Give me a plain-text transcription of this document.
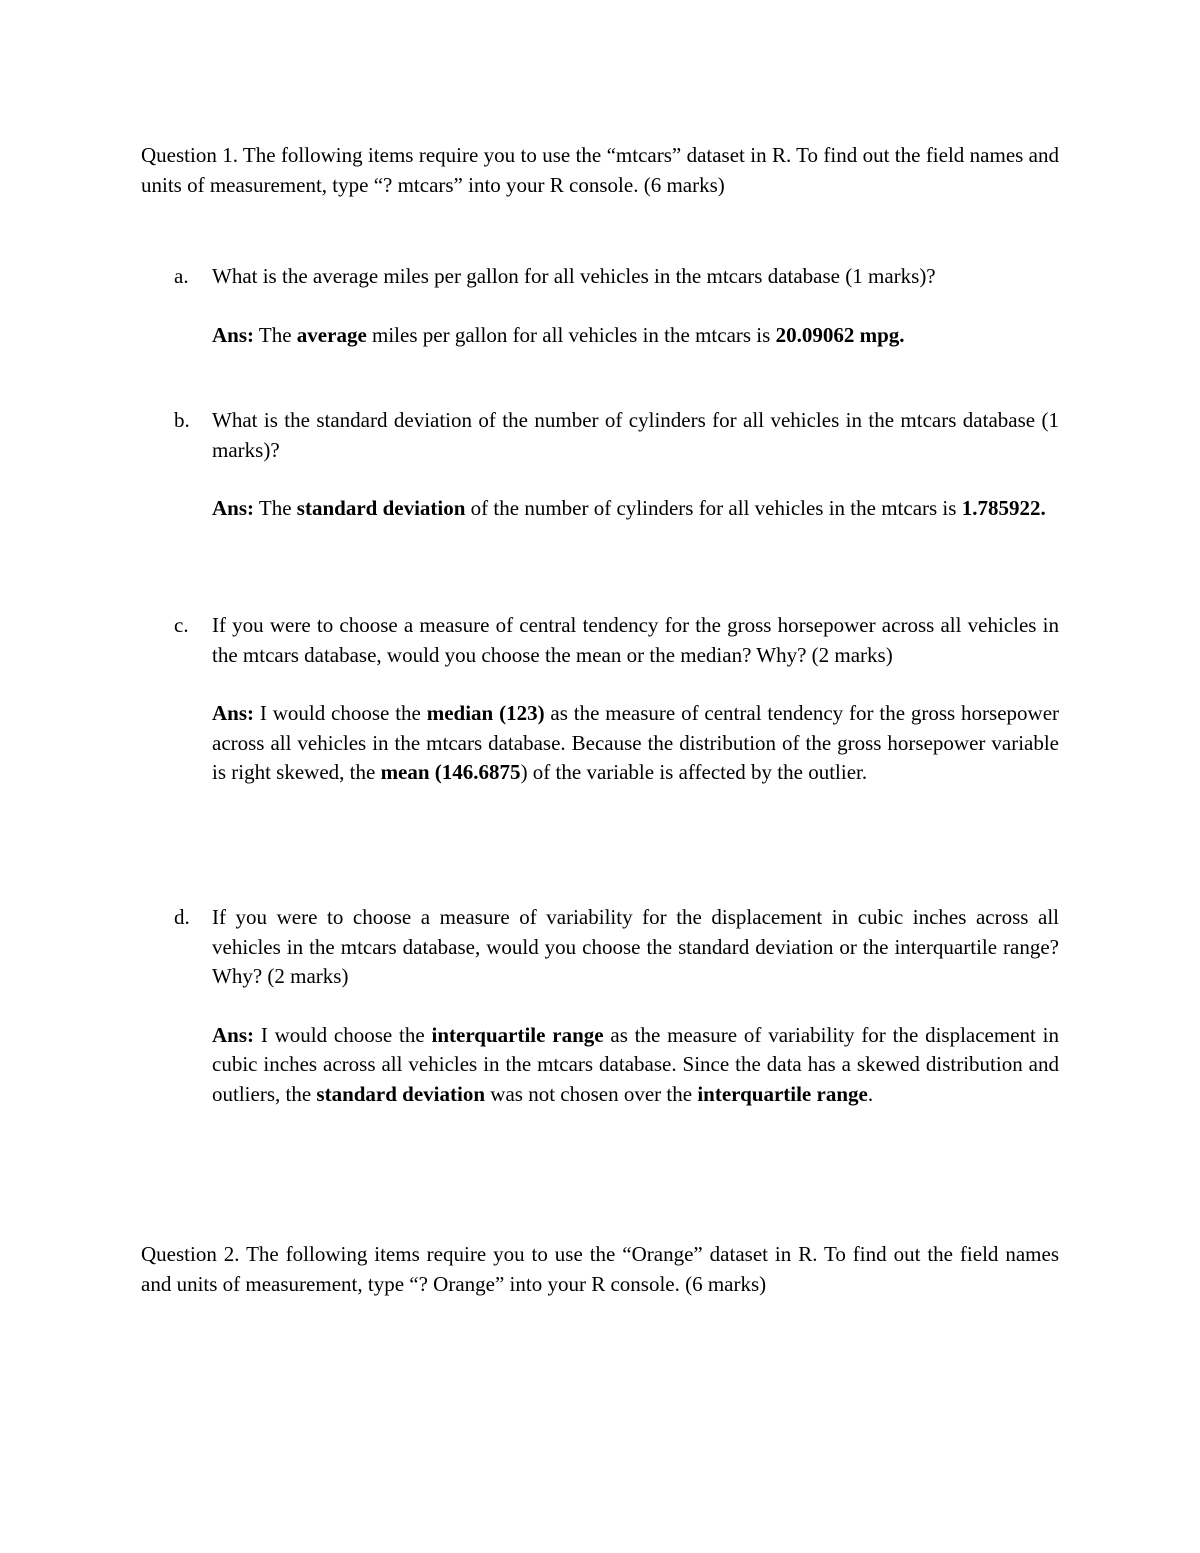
Question 1. The following items require you to use the “mtcars” dataset in R. To find out the field names and units of measurement, type “? mtcars” into your R console. (6 marks)

a. What is the average miles per gallon for all vehicles in the mtcars database (1 marks)?

Ans: The average miles per gallon for all vehicles in the mtcars is 20.09062 mpg.

b. What is the standard deviation of the number of cylinders for all vehicles in the mtcars database (1 marks)?

Ans: The standard deviation of the number of cylinders for all vehicles in the mtcars is 1.785922.

c. If you were to choose a measure of central tendency for the gross horsepower across all vehicles in the mtcars database, would you choose the mean or the median? Why? (2 marks)

Ans: I would choose the median (123) as the measure of central tendency for the gross horsepower across all vehicles in the mtcars database. Because the distribution of the gross horsepower variable is right skewed, the mean (146.6875) of the variable is affected by the outlier.

d. If you were to choose a measure of variability for the displacement in cubic inches across all vehicles in the mtcars database, would you choose the standard deviation or the interquartile range? Why? (2 marks)

Ans: I would choose the interquartile range as the measure of variability for the displacement in cubic inches across all vehicles in the mtcars database. Since the data has a skewed distribution and outliers, the standard deviation was not chosen over the interquartile range.

Question 2. The following items require you to use the “Orange” dataset in R. To find out the field names and units of measurement, type “? Orange” into your R console. (6 marks)
